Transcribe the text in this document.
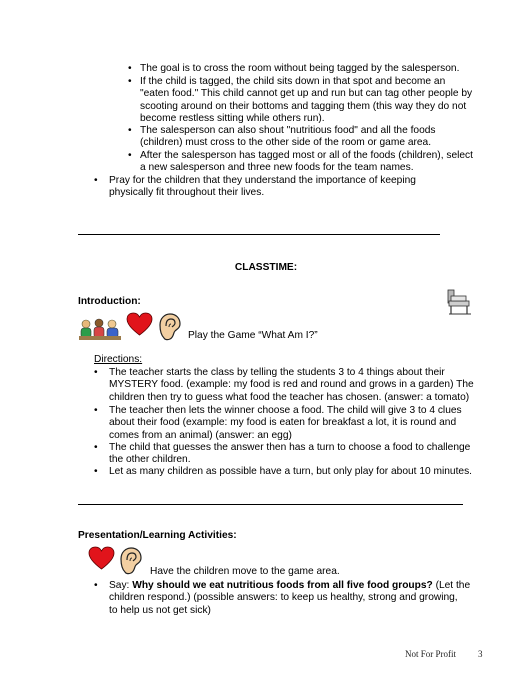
• The goal is to cross the room without being tagged by the salesperson.
• If the child is tagged, the child sits down in that spot and become an
"eaten food." This child cannot get up and run but can tag other people by
scooting around on their bottoms and tagging them (this way they do not
become restless sitting while others run).
• The salesperson can also shout "nutritious food" and all the foods
(children) must cross to the other side of the room or game area.
• After the salesperson has tagged most or all of the foods (children), select
a new salesperson and three new foods for the team names.
•	Pray for the children that they understand the importance of keeping
physically fit throughout their lives.
CLASSTIME:
Introduction:
Play the Game “What Am I?”
Directions:
•	The teacher starts the class by telling the students 3 to 4 things about their
MYSTERY food. (example: my food is red and round and grows in a garden) The
children then try to guess what food the teacher has chosen. (answer: a tomato)
•	The teacher then lets the winner choose a food. The child will give 3 to 4 clues
about their food (example: my food is eaten for breakfast a lot, it is round and
comes from an animal) (answer: an egg)
•	The child that guesses the answer then has a turn to choose a food to challenge
the other children.
•	Let as many children as possible have a turn, but only play for about 10 minutes.
Presentation/Learning Activities:
Have the children move to the game area.
•	Say: Why should we eat nutritious foods from all five food groups? (Let the
children respond.) (possible answers: to keep us healthy, strong and growing,
to help us not get sick)
Not For Profit 3
